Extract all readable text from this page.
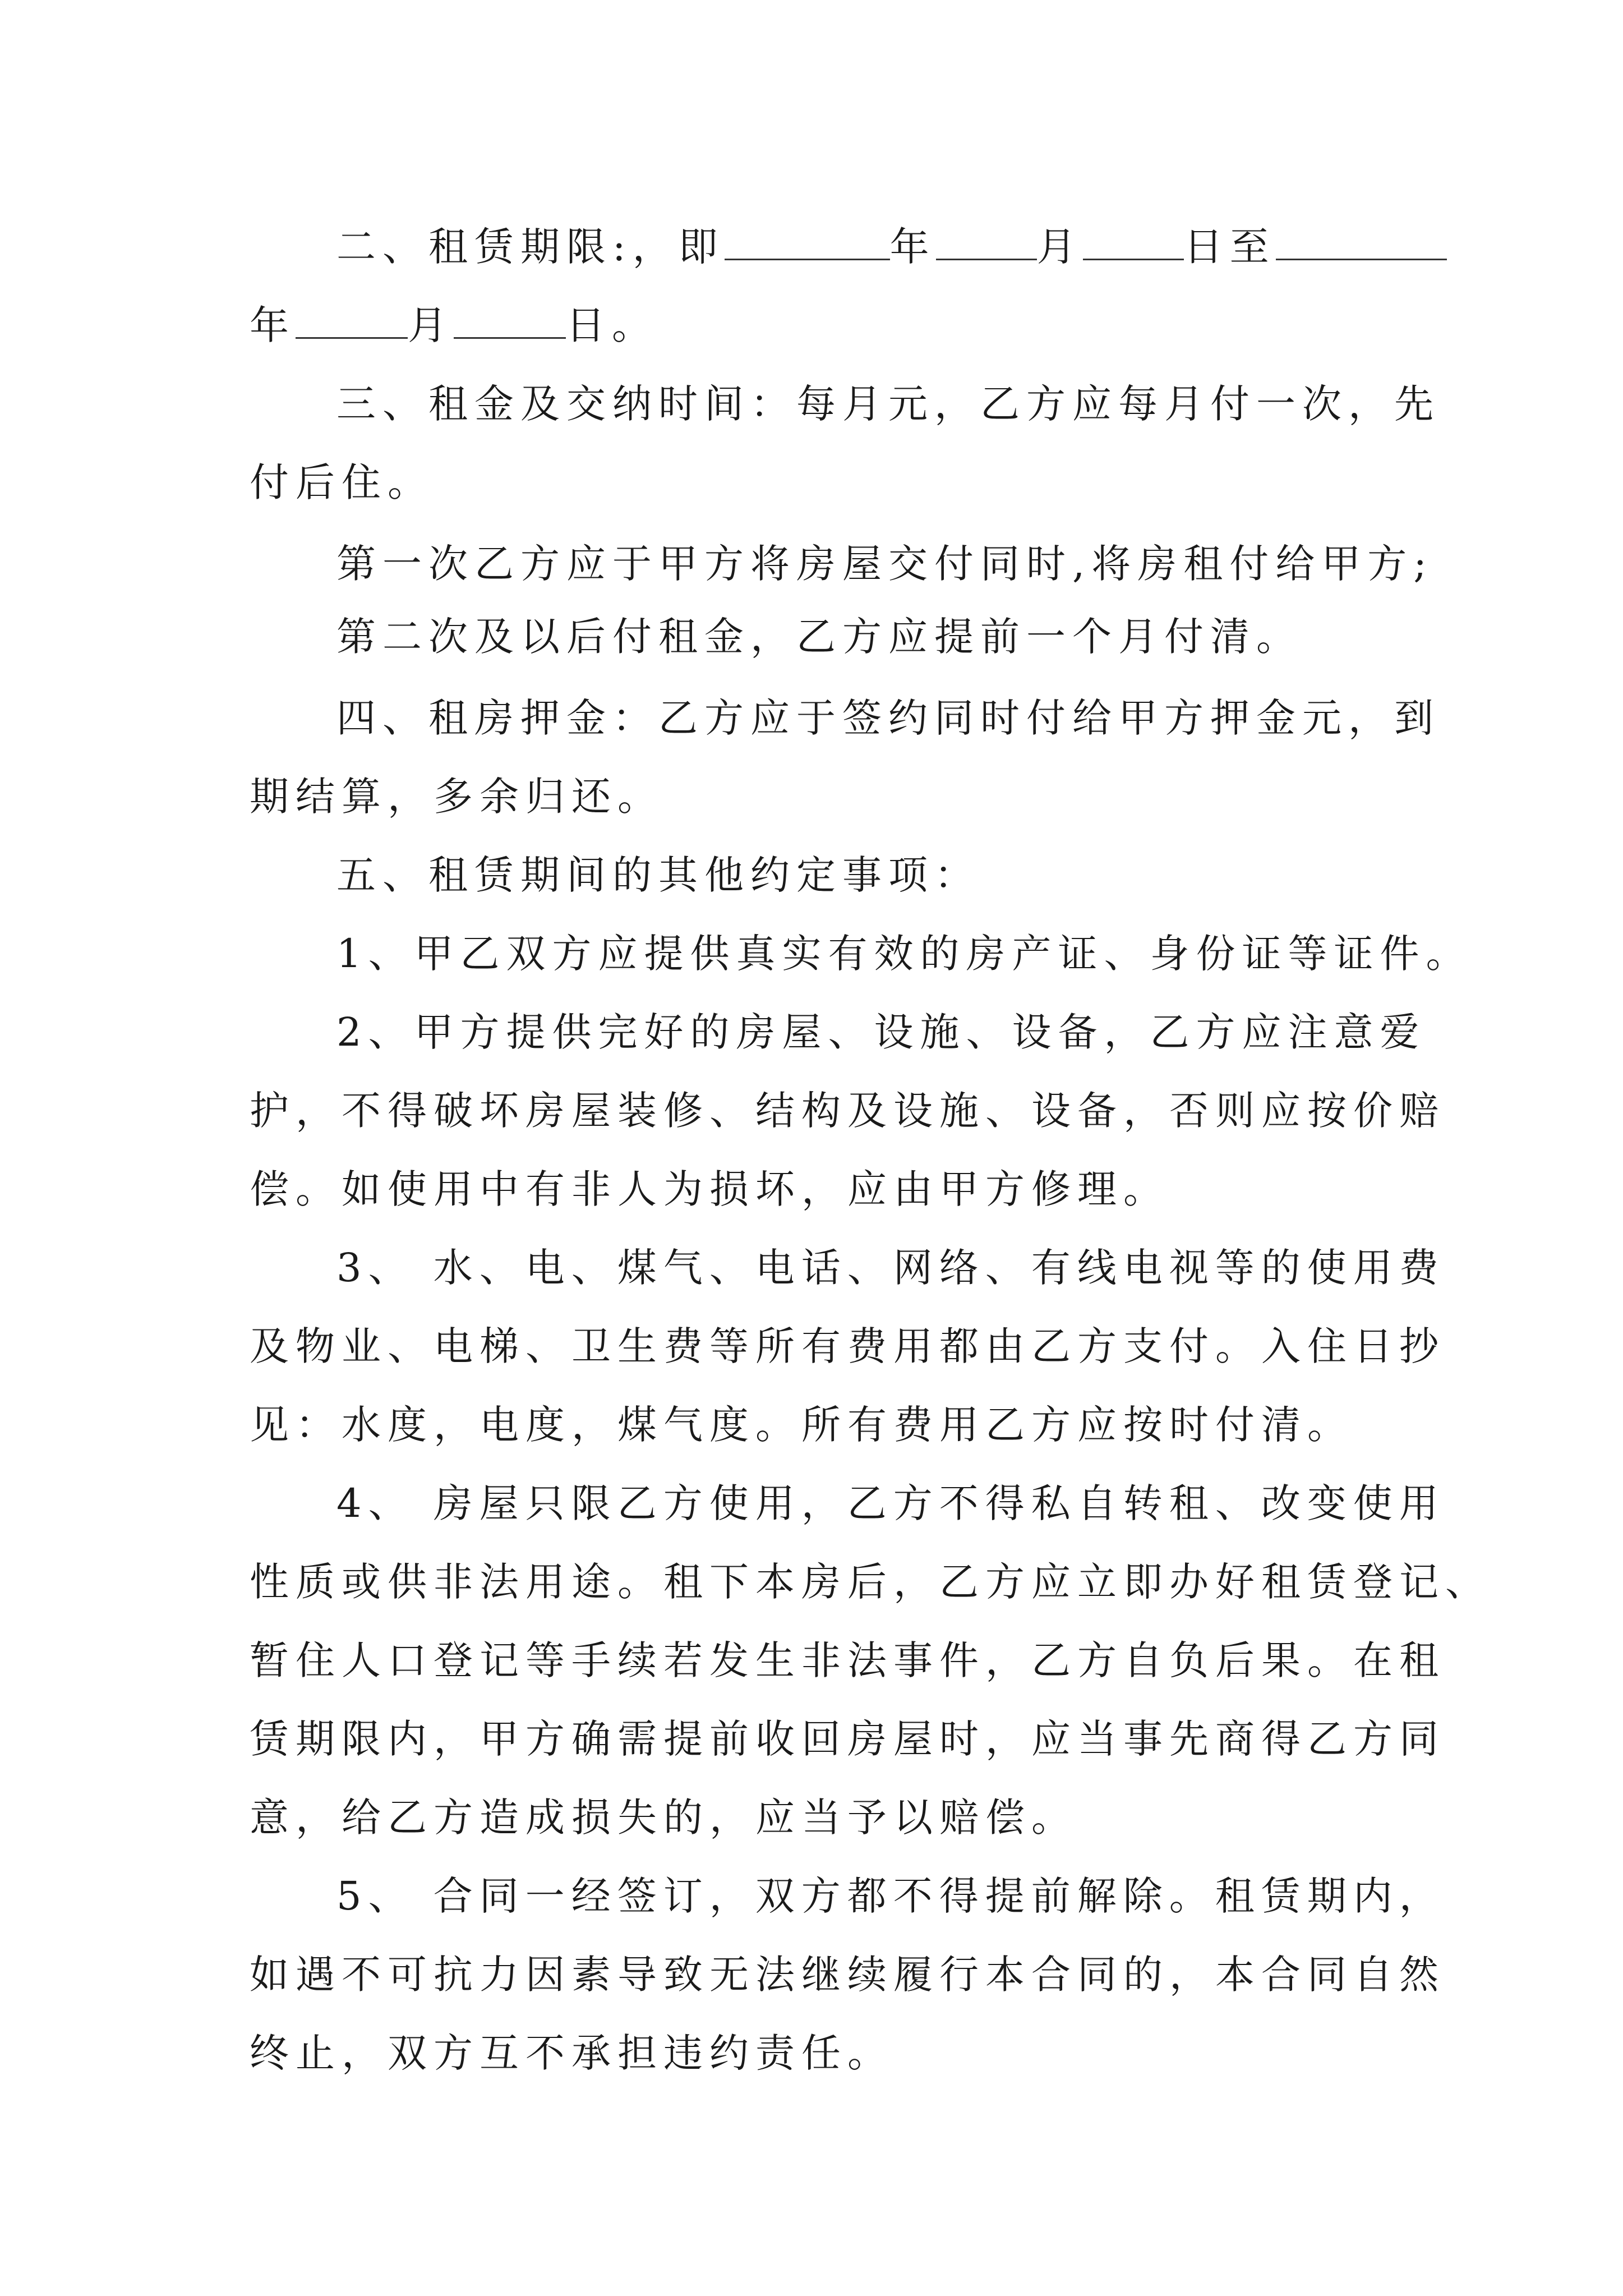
二、租赁期限:，即	年	月	日至
年	月	日。
三、租金及交纳时间：每月元，乙方应每月付一次，先
付后住。
第一次乙方应于甲方将房屋交付同时,将房租付给甲方;
第二次及以后付租金，乙方应提前一个月付清。
四、租房押金：乙方应于签约同时付给甲方押金元，到
期结算，多余归还。
五、租赁期间的其他约定事项：
1、甲乙双方应提供真实有效的房产证、身份证等证件。
2、甲方提供完好的房屋、设施、设备，乙方应注意爱
护，不得破坏房屋装修、结构及设施、设备，否则应按价赔
偿。如使用中有非人为损坏，应由甲方修理。
3、 水、电、煤气、电话、网络、有线电视等的使用费
及物业、电梯、卫生费等所有费用都由乙方支付。入住日抄
见：水度，电度，煤气度。所有费用乙方应按时付清。
4、 房屋只限乙方使用，乙方不得私自转租、改变使用
性质或供非法用途。租下本房后，乙方应立即办好租赁登记、
暂住人口登记等手续若发生非法事件，乙方自负后果。在租
赁期限内，甲方确需提前收回房屋时，应当事先商得乙方同
意，给乙方造成损失的，应当予以赔偿。
5、 合同一经签订，双方都不得提前解除。租赁期内，
如遇不可抗力因素导致无法继续履行本合同的，本合同自然
终止，双方互不承担违约责任。
